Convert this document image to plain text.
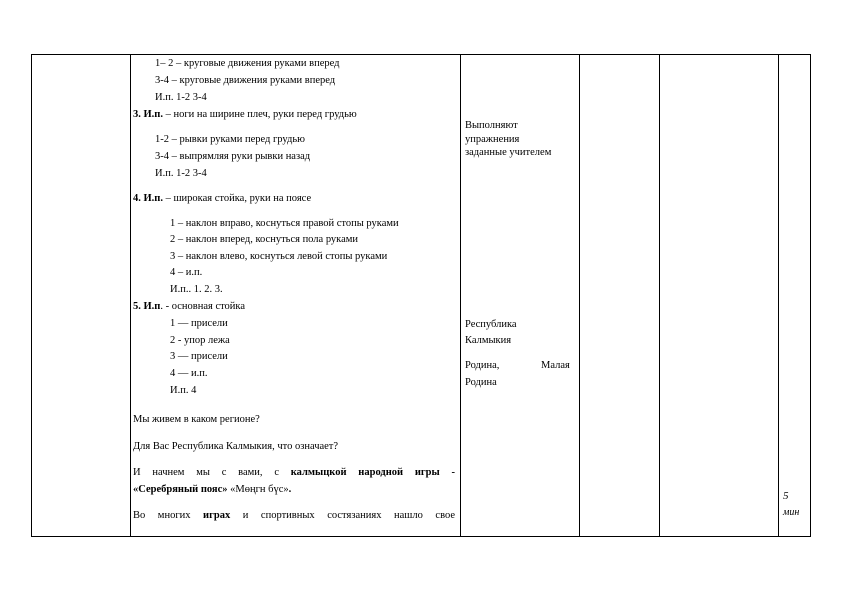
1– 2 – круговые движения руками вперед
3-4 – круговые движения руками вперед
И.п. 1-2 3-4
3. И.п. – ноги на ширине плеч, руки перед грудью
1-2 – рывки руками перед грудью
3-4 – выпрямляя руки рывки назад
И.п. 1-2 3-4
4. И.п. – широкая стойка, руки на поясе
1 – наклон вправо, коснуться правой стопы руками
2 – наклон вперед, коснуться пола руками
3 – наклон влево, коснуться левой стопы руками
4 – и.п.
И.п.. 1. 2. 3.
5. И.п. - основная стойка
1 — присели
2 - упор лежа
3 — присели
4 — и.п.
И.п. 4
Мы живем в каком регионе?
Для Вас Республика Калмыкия, что означает?
И начнем мы с вами, с калмыцкой народной игры -
«Серебряный пояс» «Мөңгн бүс».
Во многих играх и спортивных состязаниях нашло свое
Выполняют
упражнения
заданные учителем
Республика
Калмыкия
Родина,	Малая
Родина
5
мин
